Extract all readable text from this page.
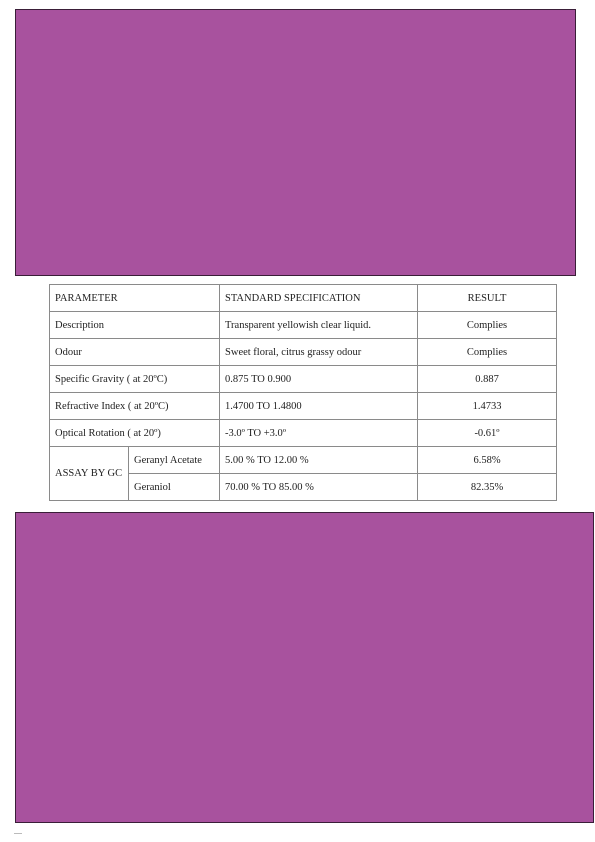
PARAMETER		STANDARD SPECIFICATION	RESULT
Description		Transparent yellowish clear liquid.	Complies
Odour		Sweet floral, citrus grassy odour	Complies
Specific Gravity ( at 20ºC)		0.875 TO 0.900	0.887
Refractive Index ( at 20ºC)		1.4700 TO 1.4800	1.4733
Optical Rotation ( at 20º)		-3.0º TO +3.0º	-0.61º
ASSAY BY GC	Geranyl Acetate	5.00 % TO 12.00 %	6.58%
	Geraniol	70.00 % TO 85.00 %	82.35%
